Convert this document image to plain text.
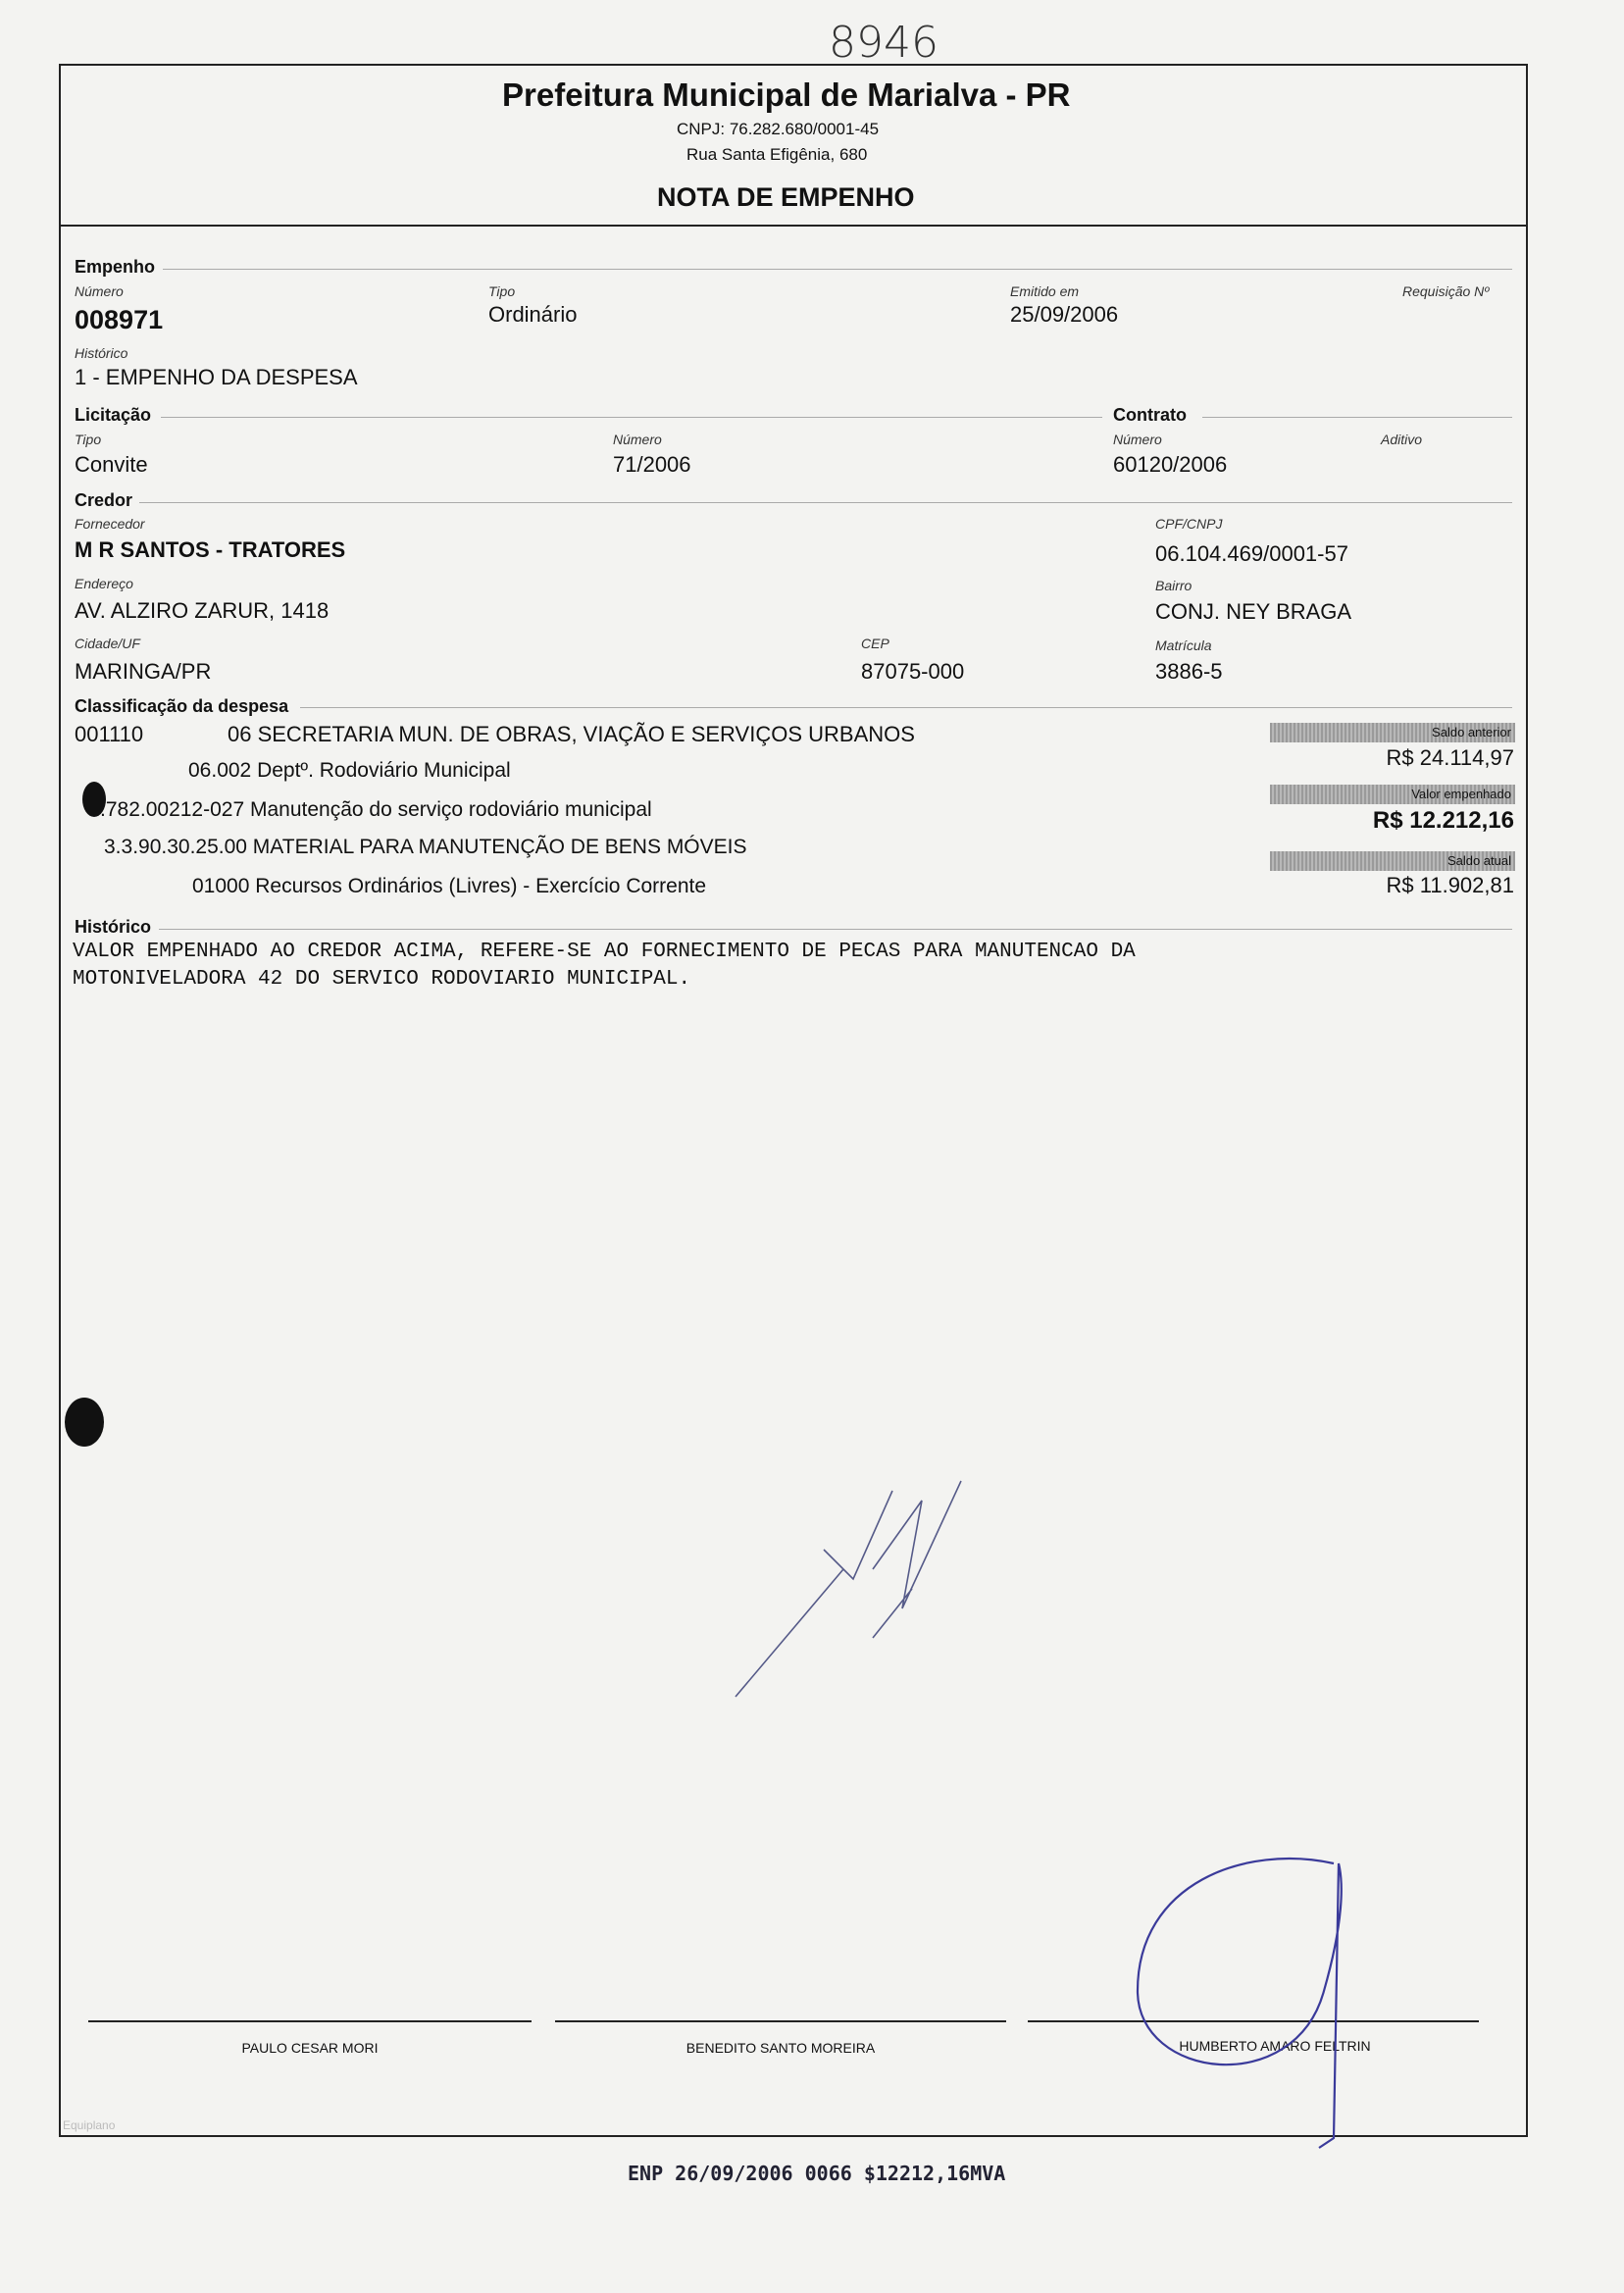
8946
Prefeitura Municipal de Marialva - PR
CNPJ: 76.282.680/0001-45
Rua Santa Efigênia, 680
NOTA DE EMPENHO
Empenho
Número
008971
Tipo
Ordinário
Emitido em
25/09/2006
Requisição Nº
Histórico
1 - EMPENHO DA DESPESA
Licitação
Tipo
Convite
Número
71/2006
Contrato
Número
60120/2006
Aditivo
Credor
Fornecedor
M R SANTOS - TRATORES
CPF/CNPJ
06.104.469/0001-57
Endereço
AV. ALZIRO ZARUR, 1418
Bairro
CONJ. NEY BRAGA
Cidade/UF
MARINGA/PR
CEP
87075-000
Matrícula
3886-5
Classificação da despesa
001110	06 SECRETARIA MUN. DE OBRAS, VIAÇÃO E SERVIÇOS URBANOS
06.002 Deptº. Rodoviário Municipal
.782.00212-027 Manutenção do serviço rodoviário municipal
3.3.90.30.25.00 MATERIAL PARA MANUTENÇÃO DE BENS MÓVEIS
01000 Recursos Ordinários (Livres) - Exercício Corrente
Saldo anterior
R$ 24.114,97
Valor empenhado
R$ 12.212,16
Saldo atual
R$ 11.902,81
Histórico
VALOR EMPENHADO AO CREDOR ACIMA, REFERE-SE AO FORNECIMENTO DE PECAS PARA MANUTENCAO DA
MOTONIVELADORA 42 DO SERVICO RODOVIARIO MUNICIPAL.
PAULO CESAR MORI	BENEDITO SANTO MOREIRA	HUMBERTO AMARO FELTRIN
Equiplano
ENP 26/09/2006 0066 $12212,16MVA
